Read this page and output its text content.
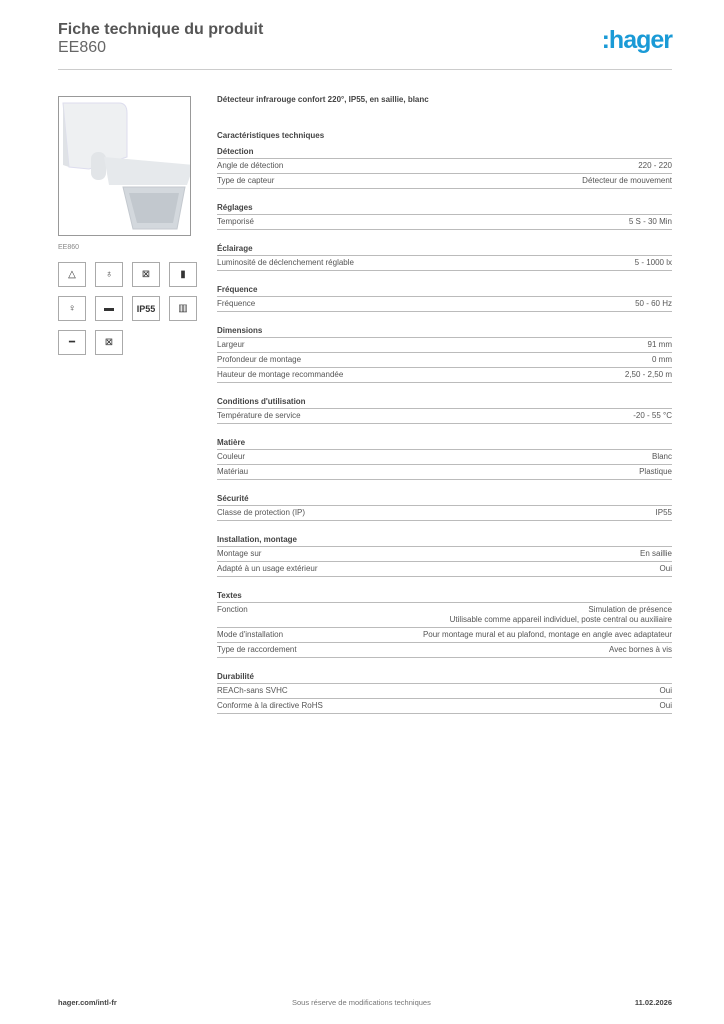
Fiche technique du produit
EE860	:hager
EE860
△	♁	⊠	▮
♀	▬	IP55	▥
━	⊠
Détecteur infrarouge confort 220°, IP55, en saillie, blanc
Caractéristiques techniques
Détection
Angle de détection	220 - 220
Type de capteur	Détecteur de mouvement
Réglages
Temporisé	5 S - 30 Min
Éclairage
Luminosité de déclenchement réglable	5 - 1000 lx
Fréquence
Fréquence	50 - 60 Hz
Dimensions
Largeur	91 mm
Profondeur de montage	0 mm
Hauteur de montage recommandée	2,50 - 2,50 m
Conditions d'utilisation
Température de service	-20 - 55 °C
Matière
Couleur	Blanc
Matériau	Plastique
Sécurité
Classe de protection (IP)	IP55
Installation, montage
Montage sur	En saillie
Adapté à un usage extérieur	Oui
Textes
Fonction	Simulation de présence
Utilisable comme appareil individuel, poste central ou auxiliaire
Mode d'installation	Pour montage mural et au plafond, montage en angle avec adaptateur
Type de raccordement	Avec bornes à vis
Durabilité
REACh-sans SVHC	Oui
Conforme à la directive RoHS	Oui
hager.com/intl-fr	Sous réserve de modifications techniques	11.02.2026
